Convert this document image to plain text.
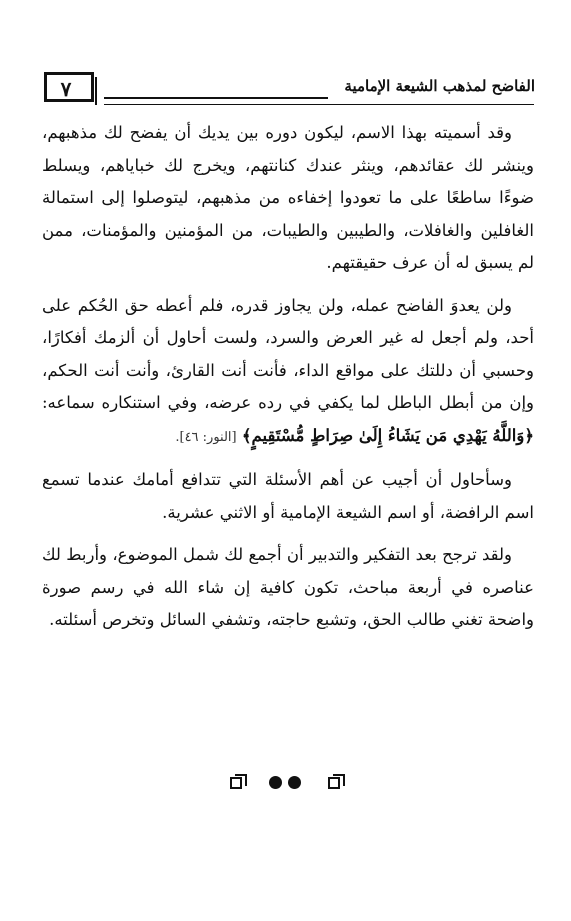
٧	الفاضح لمذهب الشيعة الإمامية

وقد أسميته بهذا الاسم، ليكون دوره بين يديك أن يفضح لك مذهبهم، وينشر لك عقائدهم، وينثر عندك كنانتهم، ويخرج لك خباياهم، ويسلط ضوءًا ساطعًا على ما تعودوا إخفاءه من مذهبهم، ليتوصلوا إلى استمالة الغافلين والغافلات، والطيبين والطيبات، من المؤمنين والمؤمنات، ممن لم يسبق له أن عرف حقيقتهم.

ولن يعدوَ الفاضح عمله، ولن يجاوز قدره، فلم أعطه حق الحُكم على أحد، ولم أجعل له غير العرض والسرد، ولست أحاول أن ألزمك أفكارًا، وحسبي أن دللتك على مواقع الداء، فأنت أنت القارئ، وأنت أنت الحكم، وإن من أبطل الباطل لما يكفي في رده عرضه، وفي استنكاره سماعه: ﴿وَاللَّهُ يَهْدِي مَن يَشَاءُ إِلَىٰ صِرَاطٍ مُّسْتَقِيمٍ﴾ [النور: ٤٦].

وسأحاول أن أجيب عن أهم الأسئلة التي تتدافع أمامك عندما تسمع اسم الرافضة، أو اسم الشيعة الإمامية أو الاثني عشرية.

ولقد ترجح بعد التفكير والتدبير أن أجمع لك شمل الموضوع، وأربط لك عناصره في أربعة مباحث، تكون كافية إن شاء الله في رسم صورة واضحة تغني طالب الحق، وتشبع حاجته، وتشفي السائل وتخرص أسئلته.
